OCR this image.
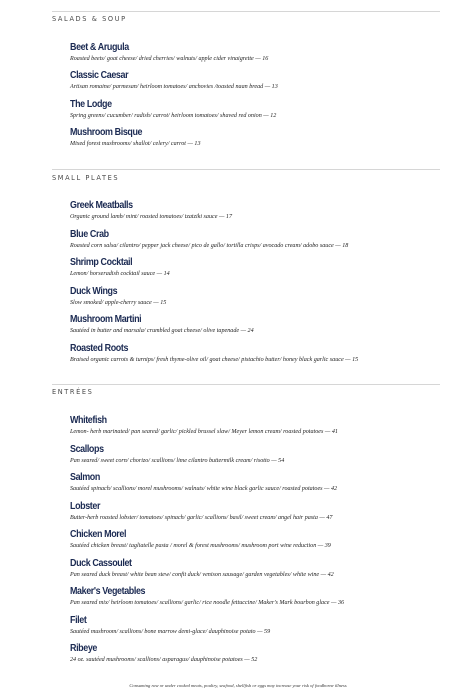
SALADS & SOUP
Beet & Arugula
Roasted beets/ goat cheese/ dried cherries/ walnuts/ apple cider vinaigrette — 16
Classic Caesar
Artisan romaine/ parmesan/ heirloom tomatoes/ anchovies /toasted naan bread — 13
The Lodge
Spring greens/ cucumber/ radish/ carrot/ heirloom tomatoes/ shaved red onion — 12
Mushroom Bisque
Mixed forest mushrooms/ shallot/ celery/ carrot — 13
SMALL PLATES
Greek Meatballs
Organic ground lamb/ mint/ roasted tomatoes/ tzatziki sauce — 17
Blue Crab
Roasted corn salsa/ cilantro/ pepper jack cheese/ pico de gallo/ tortilla crisps/ avocado cream/ adobo sauce — 18
Shrimp Cocktail
Lemon/ horseradish cocktail sauce — 14
Duck Wings
Slow smoked/ apple-cherry sauce — 15
Mushroom Martini
Sautéed in butter and marsala/ crumbled goat cheese/ olive tapenade — 24
Roasted Roots
Braised organic carrots & turnips/ fresh thyme-olive oil/ goat cheese/ pistachio butter/ honey black garlic sauce — 15
ENTRÉES
Whitefish
Lemon- herb marinated/ pan seared/ garlic/ pickled brussel slaw/ Meyer lemon cream/ roasted potatoes — 41
Scallops
Pan seared/ sweet corn/ chorizo/ scallions/ lime cilantro buttermilk cream/ risotto — 54
Salmon
Sautéed spinach/ scallions/ morel mushrooms/ walnuts/ white wine black garlic sauce/ roasted potatoes — 42
Lobster
Butter-herb roasted lobster/ tomatoes/ spinach/ garlic/ scallions/ basil/ sweet cream/ angel hair pasta — 47
Chicken Morel
Sautéed chicken breast/ tagliatelle pasta / morel & forest mushrooms/ mushroom port wine reduction — 39
Duck Cassoulet
Pan seared duck breast/ white bean stew/ confit duck/ venison sausage/ garden vegetables/ white wine — 42
Maker's Vegetables
Pan seared mix/ heirloom tomatoes/ scallions/ garlic/ rice noodle fettuccine/ Maker's Mark bourbon glace — 36
Filet
Sautéed mushroom/ scallions/ bone marrow demi-glace/ dauphinoise potato — 59
Ribeye
24 oz. sautéed mushrooms/ scallions/ asparagus/ dauphinoise potatoes — 52
Consuming raw or under cooked meats, poultry, seafood, shellfish or eggs may increase your risk of foodborne illness
